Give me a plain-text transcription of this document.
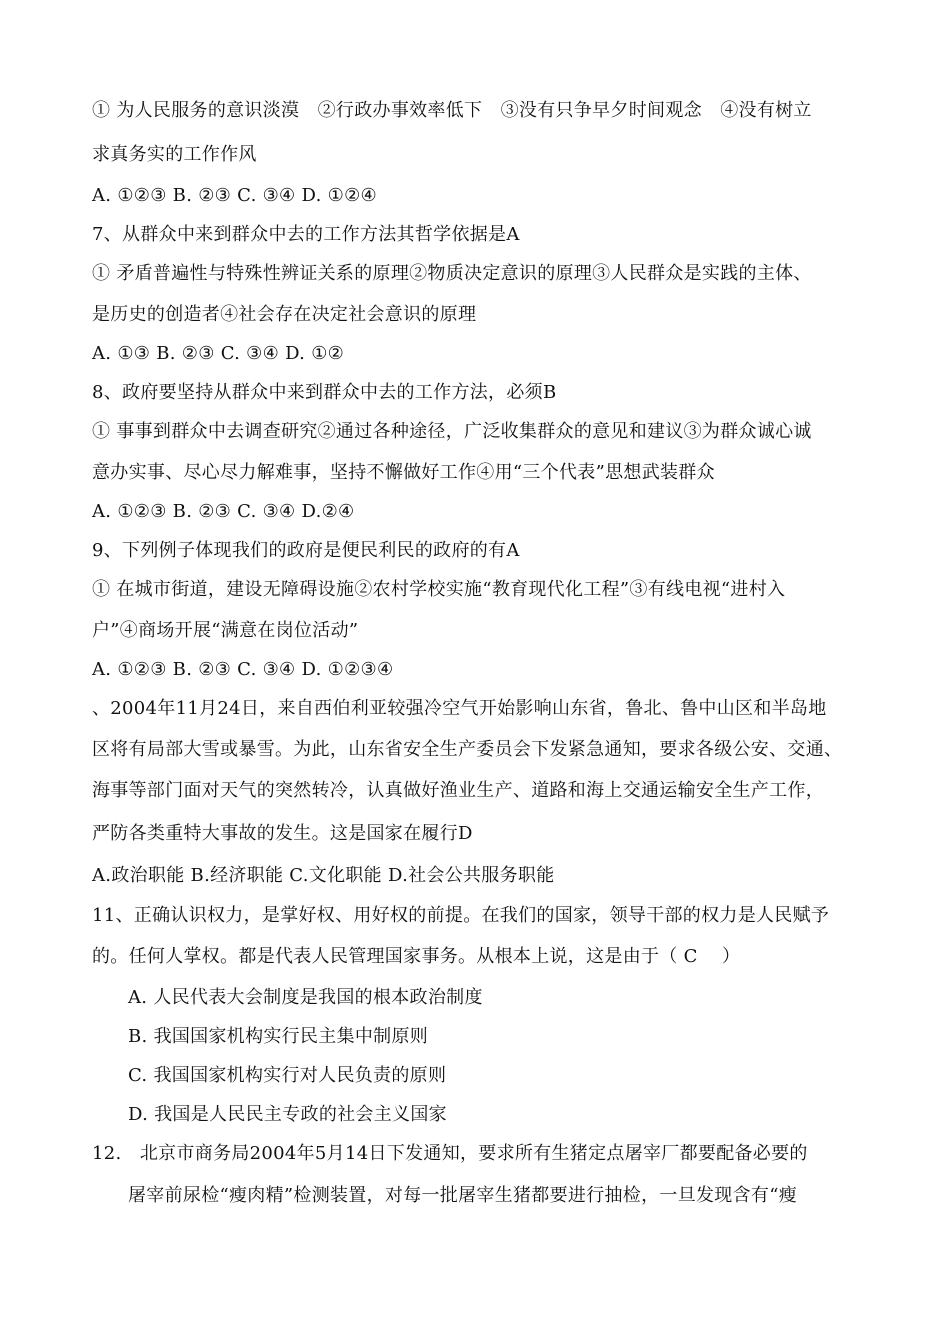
① 为人民服务的意识淡漠　②行政办事效率低下　③没有只争早夕时间观念　④没有树立
求真务实的工作作风
A. ①②③ B. ②③ C. ③④ D. ①②④
7、从群众中来到群众中去的工作方法其哲学依据是A
① 矛盾普遍性与特殊性辨证关系的原理②物质决定意识的原理③人民群众是实践的主体、
是历史的创造者④社会存在决定社会意识的原理
A. ①③ B. ②③ C. ③④ D. ①②
8、政府要坚持从群众中来到群众中去的工作方法，必须B
① 事事到群众中去调查研究②通过各种途径，广泛收集群众的意见和建议③为群众诚心诚
意办实事、尽心尽力解难事，坚持不懈做好工作④用“三个代表”思想武装群众
A. ①②③ B. ②③ C. ③④ D.②④
9、下列例子体现我们的政府是便民利民的政府的有A
① 在城市街道，建设无障碍设施②农村学校实施“教育现代化工程”③有线电视“进村入
户”④商场开展“满意在岗位活动”
A. ①②③ B. ②③ C. ③④ D. ①②③④
、2004年11月24日，来自西伯利亚较强冷空气开始影响山东省，鲁北、鲁中山区和半岛地
区将有局部大雪或暴雪。为此，山东省安全生产委员会下发紧急通知，要求各级公安、交通、
海事等部门面对天气的突然转冷，认真做好渔业生产、道路和海上交通运输安全生产工作，
严防各类重特大事故的发生。这是国家在履行D
A.政治职能 B.经济职能 C.文化职能 D.社会公共服务职能
11、正确认识权力，是掌好权、用好权的前提。在我们的国家，领导干部的权力是人民赋予
的。任何人掌权。都是代表人民管理国家事务。从根本上说，这是由于（ C　 ）
A. 人民代表大会制度是我国的根本政治制度
B. 我国国家机构实行民主集中制原则
C. 我国国家机构实行对人民负责的原则
D. 我国是人民民主专政的社会主义国家
12.　北京市商务局2004年5月14日下发通知，要求所有生猪定点屠宰厂都要配备必要的
屠宰前尿检“瘦肉精”检测装置，对每一批屠宰生猪都要进行抽检，一旦发现含有“瘦
